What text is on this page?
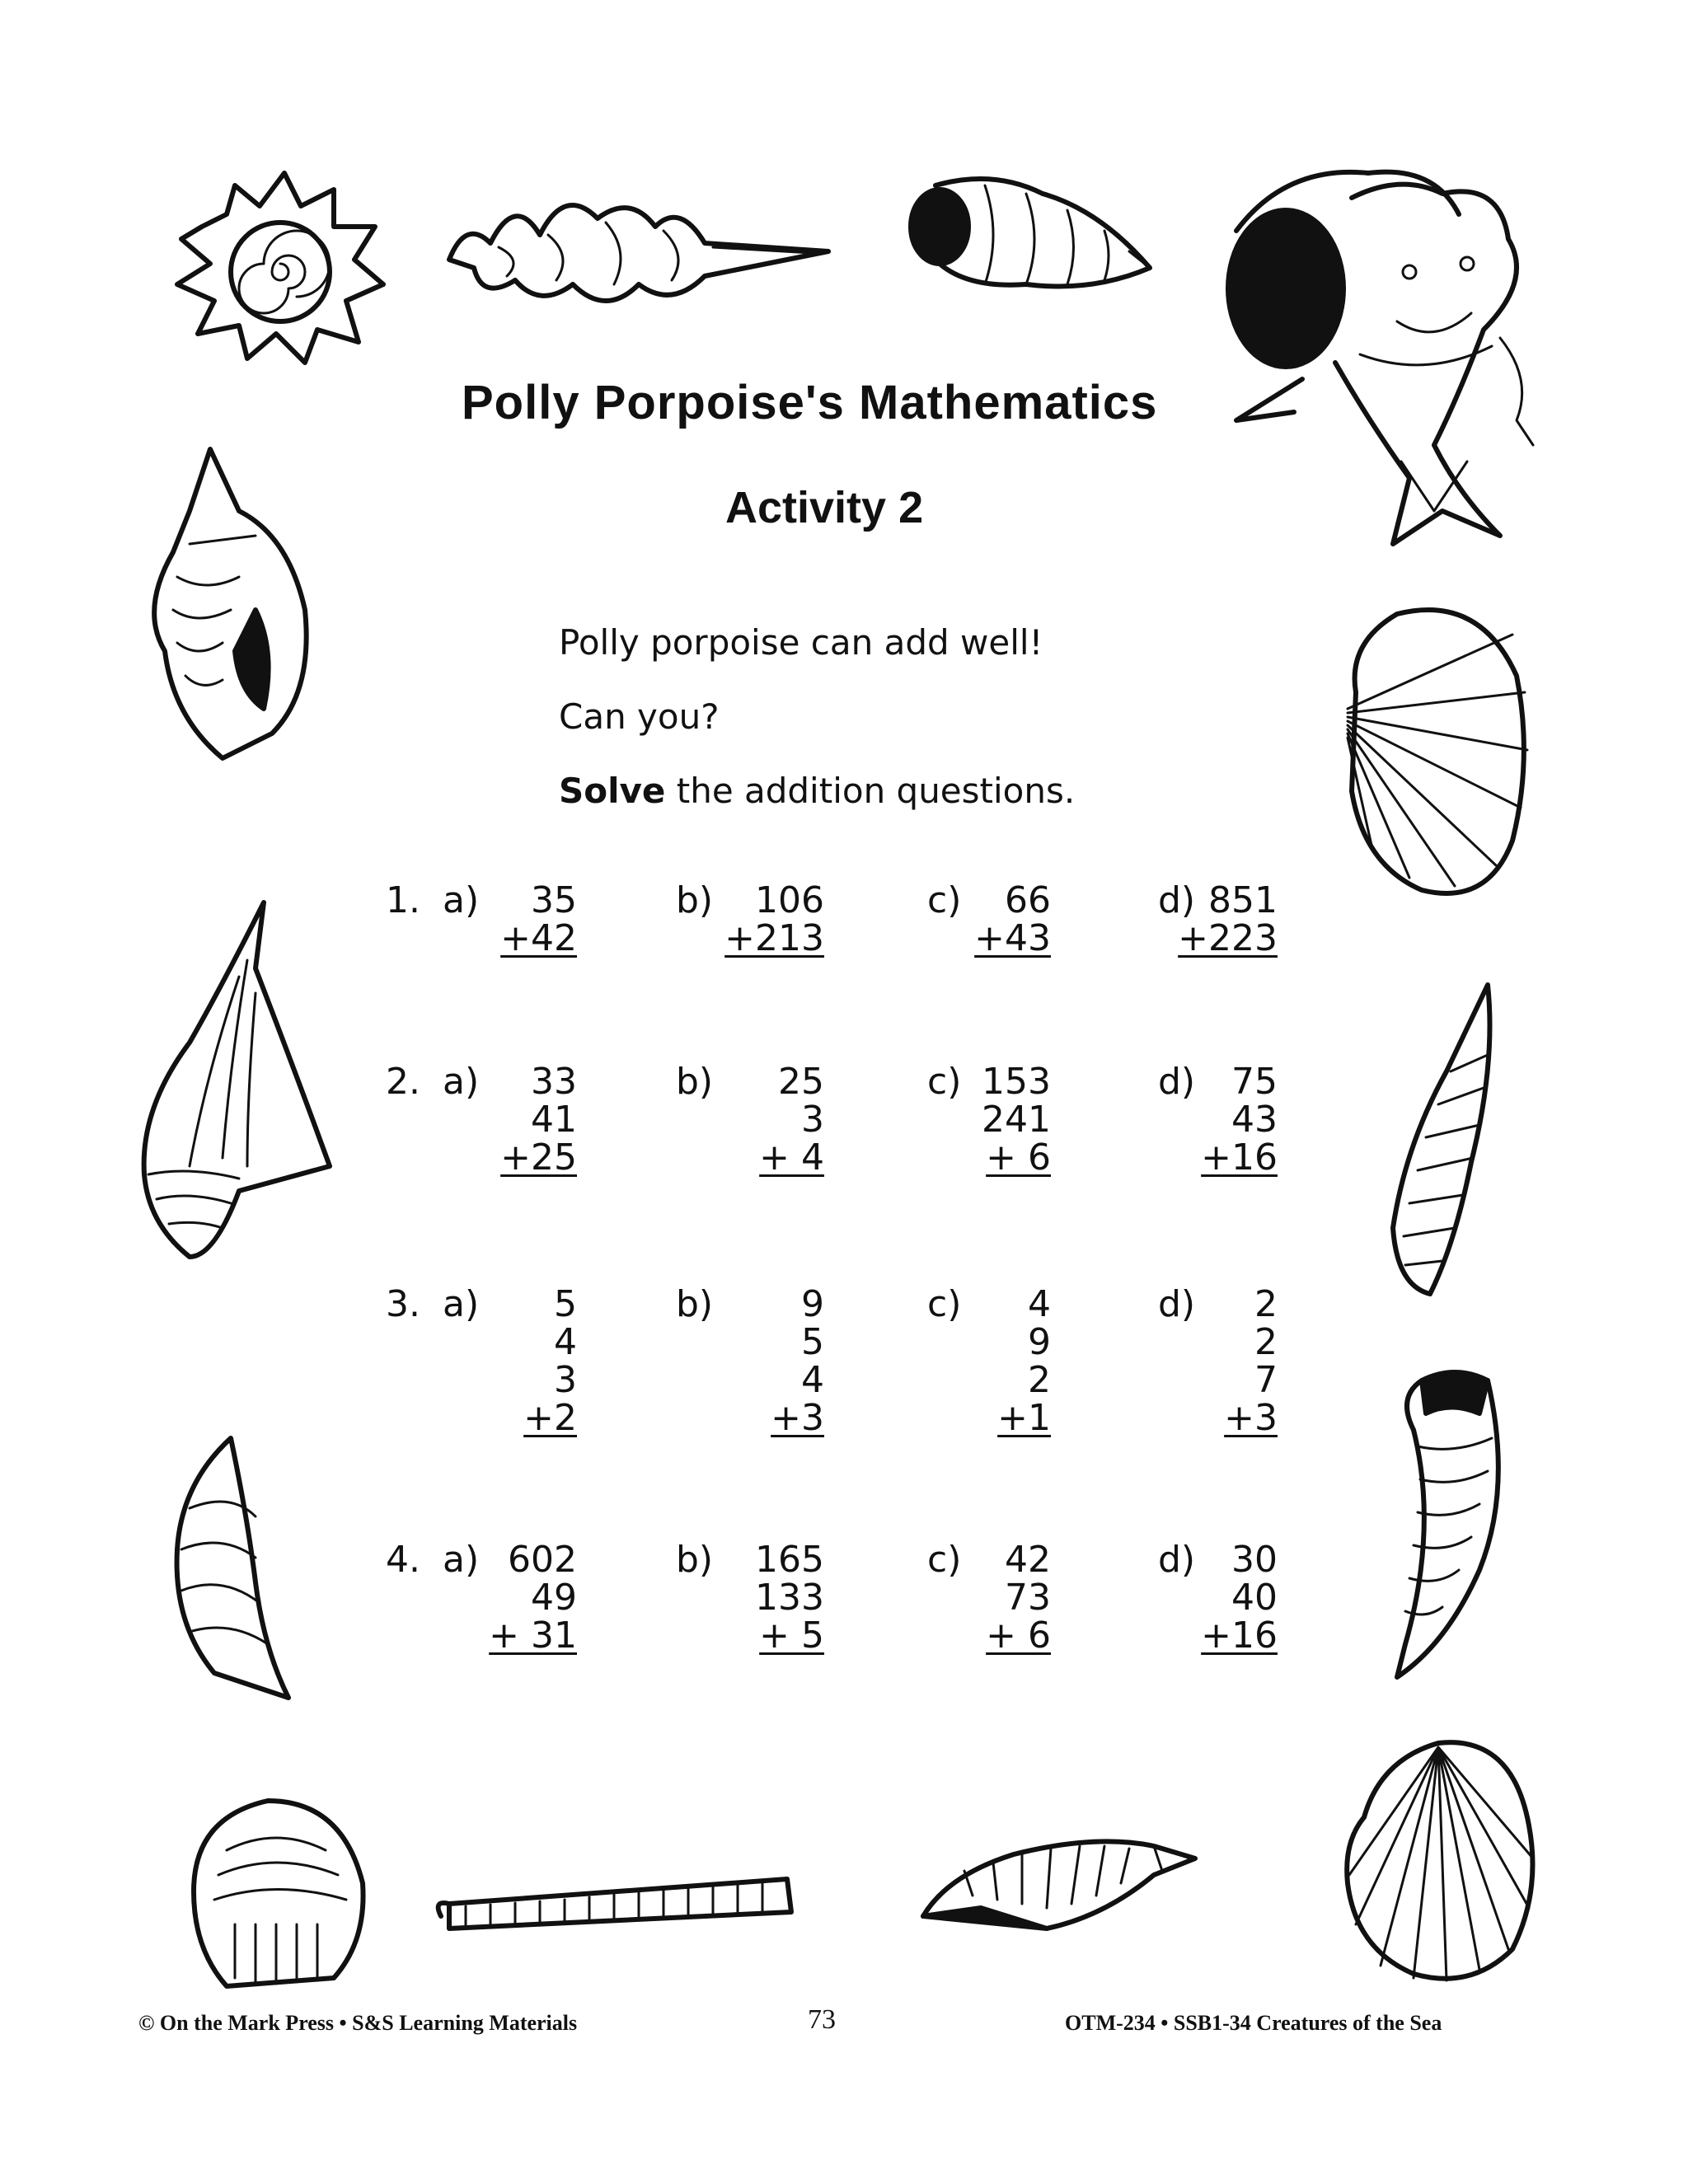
Polly Porpoise's Mathematics
Activity 2
Polly porpoise can add well!
Can you?
Solve the addition questions.
1. a)	35
+42
b)	106
+213
c)	66
+43
d) 851
+223
2. a)	33
41
+25
b)	25
3
+ 4
c) 153
241
+ 6
d) 75
43
+16
3. a)	5
4
3
+2
b)	9
5
4
+3
c)	4
9
2
+1
d)	2
2
7
+3
4. a) 602
49
+ 31
b)	165
133
+ 5
c)	42
73
+ 6
d) 30
40
+16
© On the Mark Press • S&S Learning Materials	73	OTM-234 • SSB1-34 Creatures of the Sea
